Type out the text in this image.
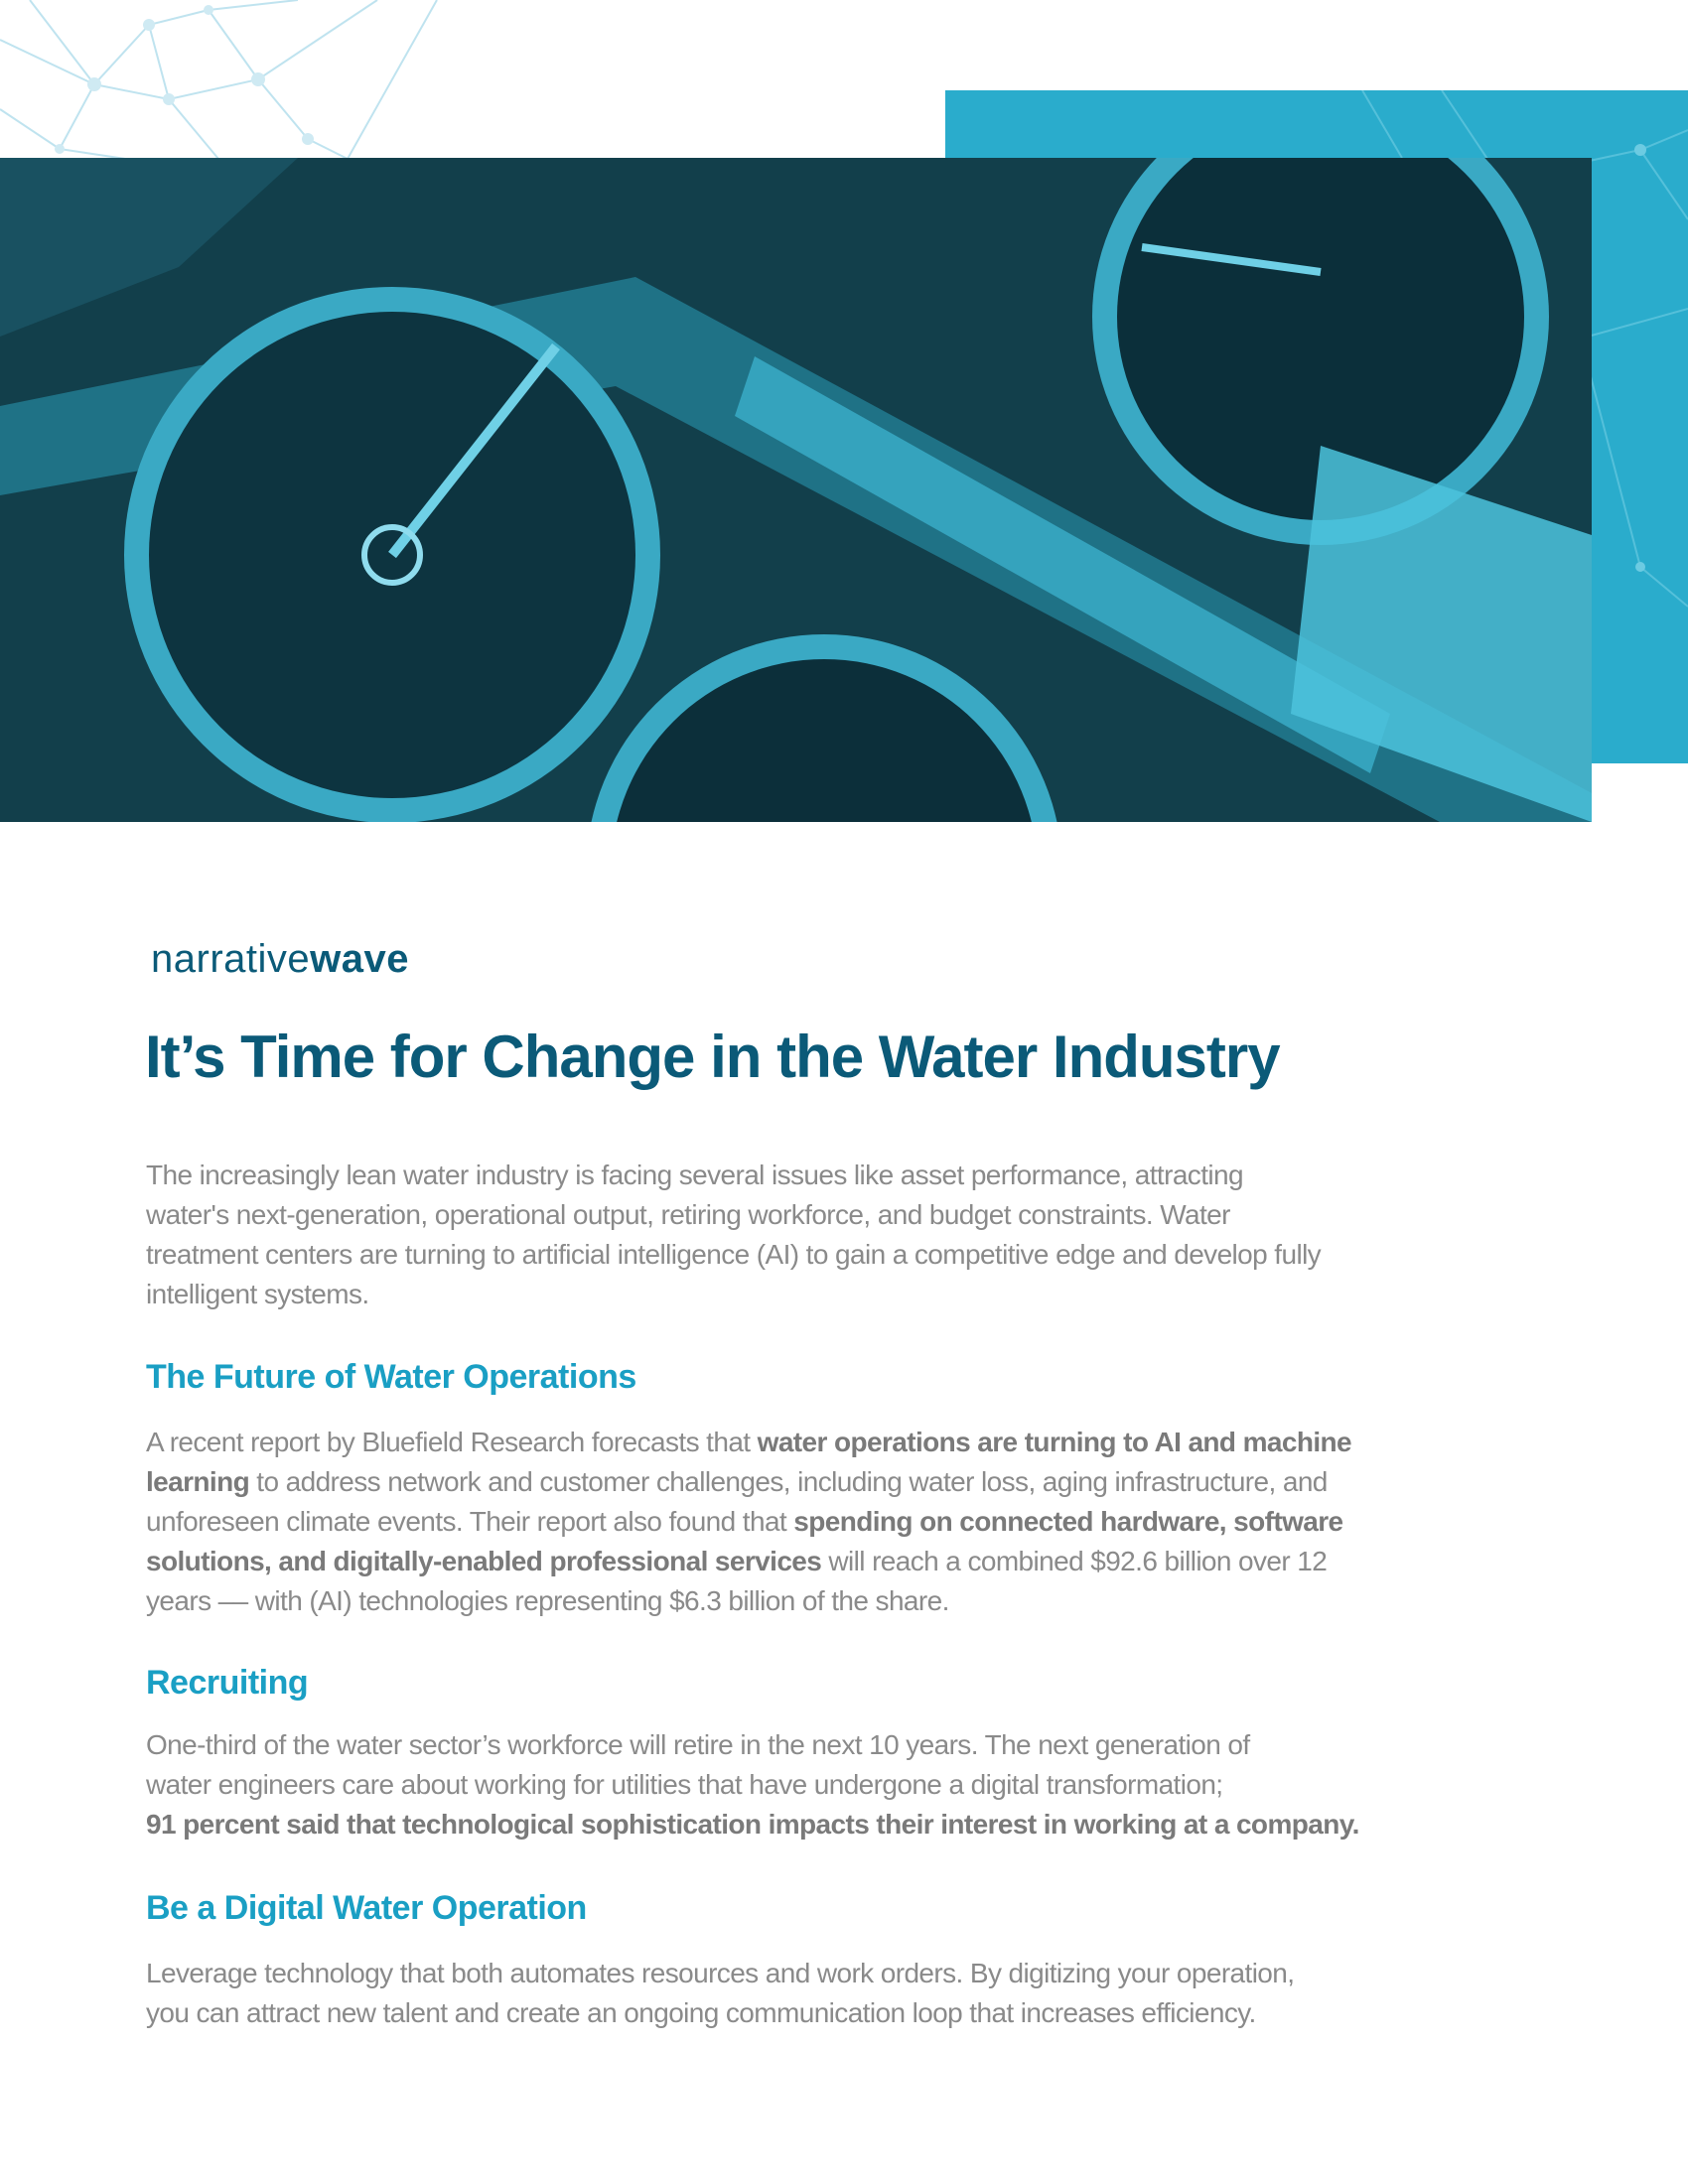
narrativewave
It’s Time for Change in the Water Industry

The increasingly lean water industry is facing several issues like asset performance, attracting
water's next-generation, operational output, retiring workforce, and budget constraints. Water
treatment centers are turning to artificial intelligence (AI) to gain a competitive edge and develop fully
intelligent systems.

The Future of Water Operations

A recent report by Bluefield Research forecasts that water operations are turning to AI and machine
learning to address network and customer challenges, including water loss, aging infrastructure, and
unforeseen climate events. Their report also found that spending on connected hardware, software
solutions, and digitally-enabled professional services will reach a combined $92.6 billion over 12
years –– with (AI) technologies representing $6.3 billion of the share.

Recruiting

One-third of the water sector’s workforce will retire in the next 10 years. The next generation of
water engineers care about working for utilities that have undergone a digital transformation;
91 percent said that technological sophistication impacts their interest in working at a company.

Be a Digital Water Operation

Leverage technology that both automates resources and work orders. By digitizing your operation,
you can attract new talent and create an ongoing communication loop that increases efficiency.
